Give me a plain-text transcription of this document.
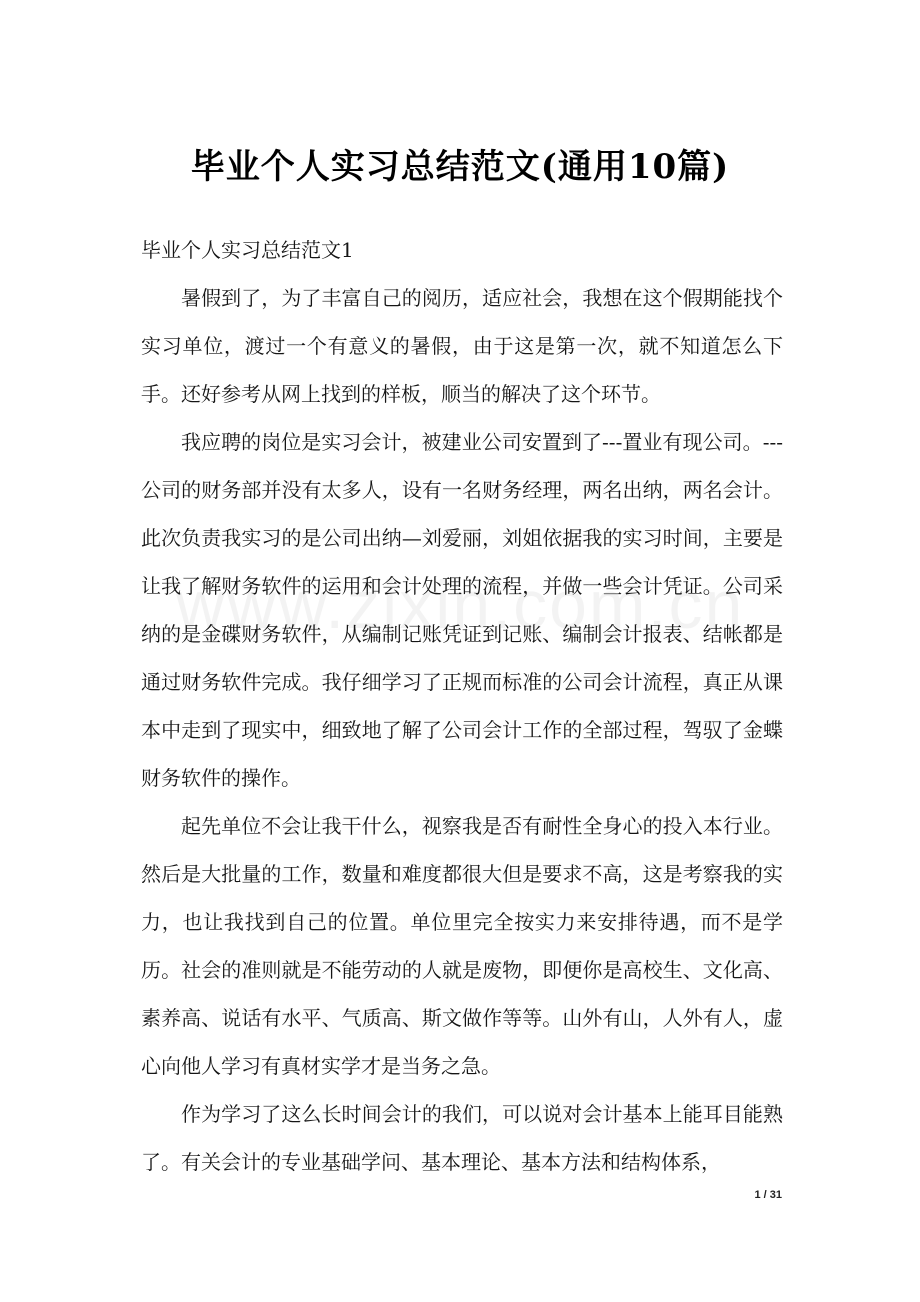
毕业个人实习总结范文(通用10篇)

毕业个人实习总结范文1

暑假到了，为了丰富自己的阅历，适应社会，我想在这个假期能找个实习单位，渡过一个有意义的暑假，由于这是第一次，就不知道怎么下手。还好参考从网上找到的样板，顺当的解决了这个环节。

我应聘的岗位是实习会计，被建业公司安置到了---置业有现公司。---公司的财务部并没有太多人，设有一名财务经理，两名出纳，两名会计。此次负责我实习的是公司出纳—刘爱丽，刘姐依据我的实习时间，主要是让我了解财务软件的运用和会计处理的流程，并做一些会计凭证。公司采纳的是金碟财务软件，从编制记账凭证到记账、编制会计报表、结帐都是通过财务软件完成。我仔细学习了正规而标准的公司会计流程，真正从课本中走到了现实中，细致地了解了公司会计工作的全部过程，驾驭了金蝶财务软件的操作。

起先单位不会让我干什么，视察我是否有耐性全身心的投入本行业。然后是大批量的工作，数量和难度都很大但是要求不高，这是考察我的实力，也让我找到自己的位置。单位里完全按实力来安排待遇，而不是学历。社会的准则就是不能劳动的人就是废物，即便你是高校生、文化高、素养高、说话有水平、气质高、斯文做作等等。山外有山，人外有人，虚心向他人学习有真材实学才是当务之急。

作为学习了这么长时间会计的我们，可以说对会计基本上能耳目能熟了。有关会计的专业基础学问、基本理论、基本方法和结构体系，

1 / 31
